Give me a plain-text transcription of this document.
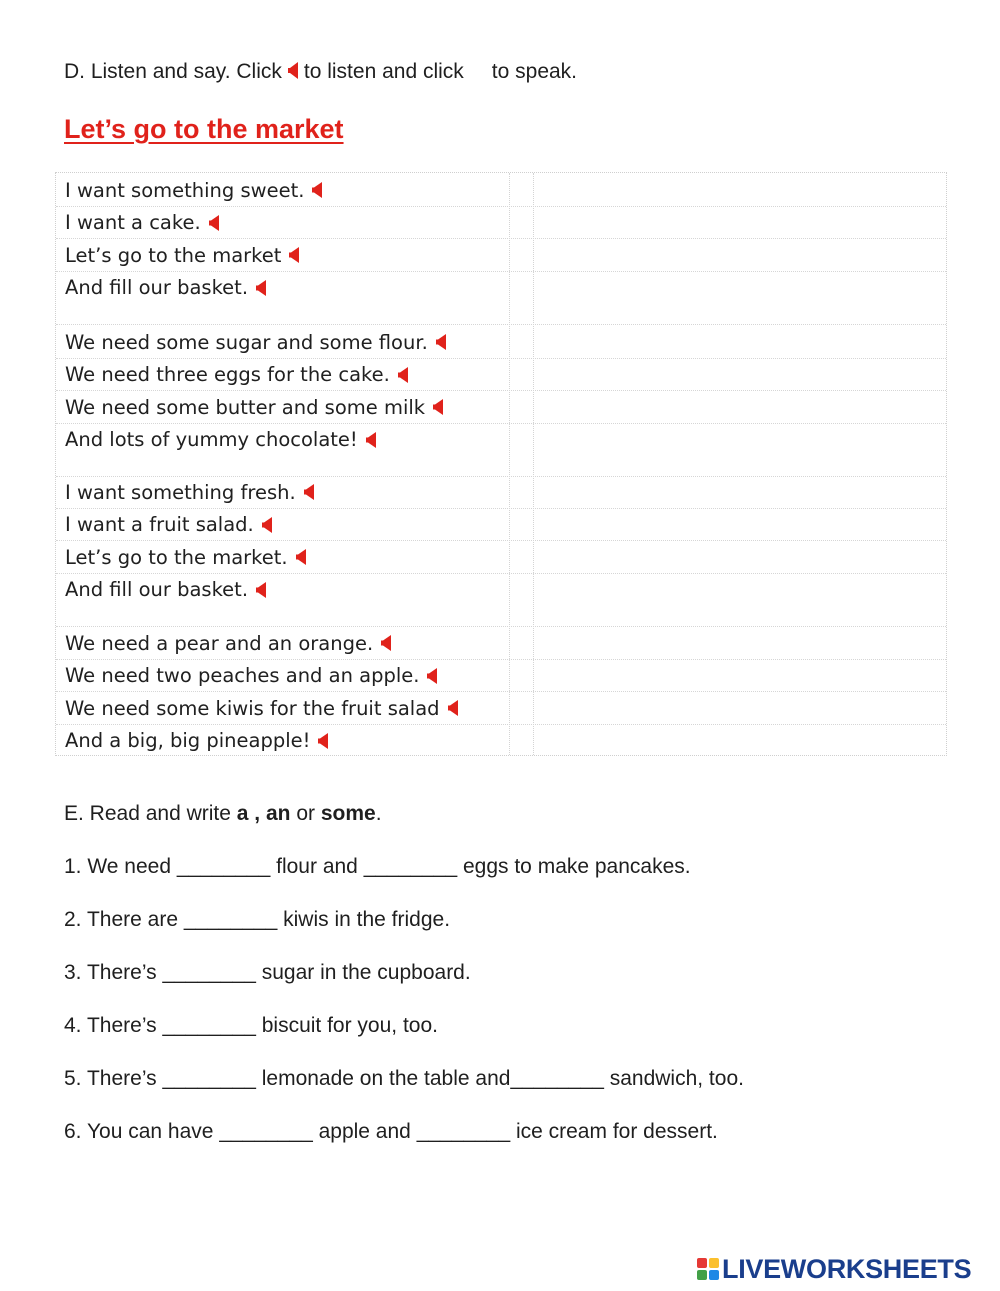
D. Listen and say. Click to listen and click to speak.
Let’s go to the market
I want something sweet.
I want a cake.
Let’s go to the market
And fill our basket.
We need some sugar and some flour.
We need three eggs for the cake.
We need some butter and some milk
And lots of yummy chocolate!
I want something fresh.
I want a fruit salad.
Let’s go to the market.
And fill our basket.
We need a pear and an orange.
We need two peaches and an apple.
We need some kiwis for the fruit salad
And a big, big pineapple!
E. Read and write a , an or some.
1. We need ________ flour and ________ eggs to make pancakes.
2. There are ________ kiwis in the fridge.
3. There’s ________ sugar in the cupboard.
4. There’s ________ biscuit for you, too.
5. There’s ________ lemonade on the table and________ sandwich, too.
6. You can have ________ apple and ________ ice cream for dessert.
LIVEWORKSHEETS
